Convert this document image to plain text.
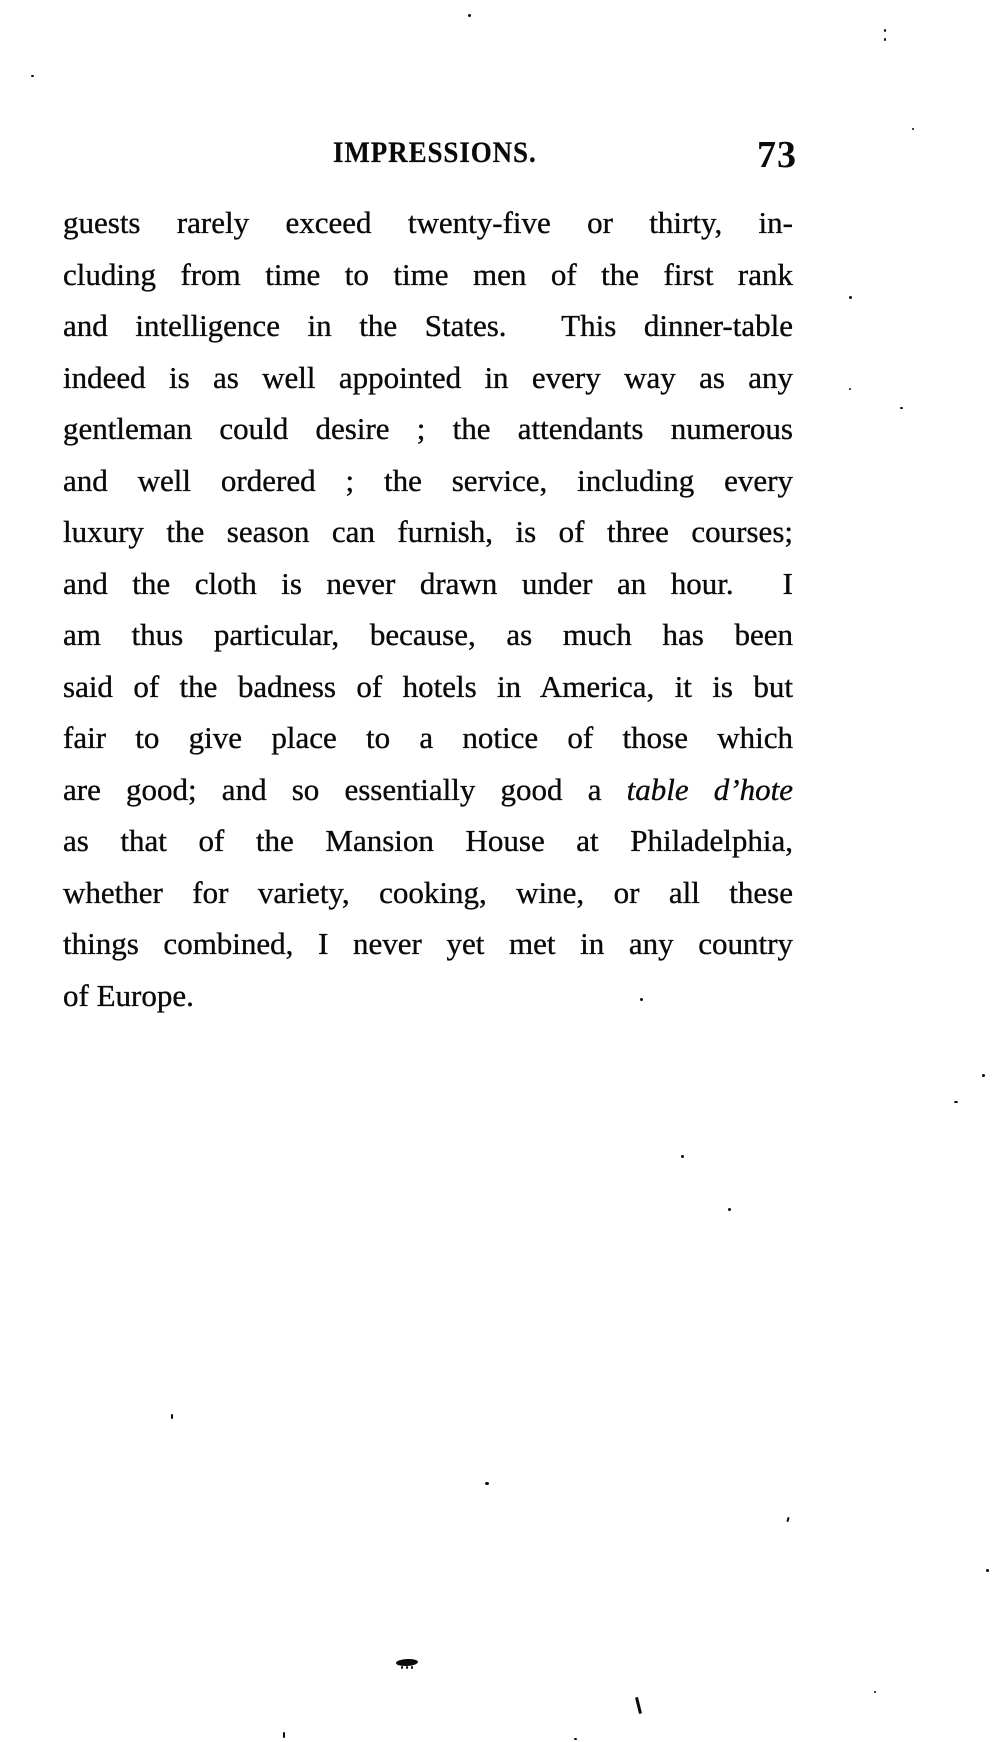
IMPRESSIONS.	73
guests rarely exceed twenty-five or thirty, in-
cluding from time to time men of the first rank
and intelligence in the States.  This dinner-table
indeed is as well appointed in every way as any
gentleman could desire ; the attendants numerous
and well ordered ; the service, including every
luxury the season can furnish, is of three courses;
and the cloth is never drawn under an hour.  I
am thus particular, because, as much has been
said of the badness of hotels in America, it is but
fair to give place to a notice of those which
are good; and so essentially good a table d’hote
as that of the Mansion House at Philadelphia,
whether for variety, cooking, wine, or all these
things combined, I never yet met in any country
of Europe.
